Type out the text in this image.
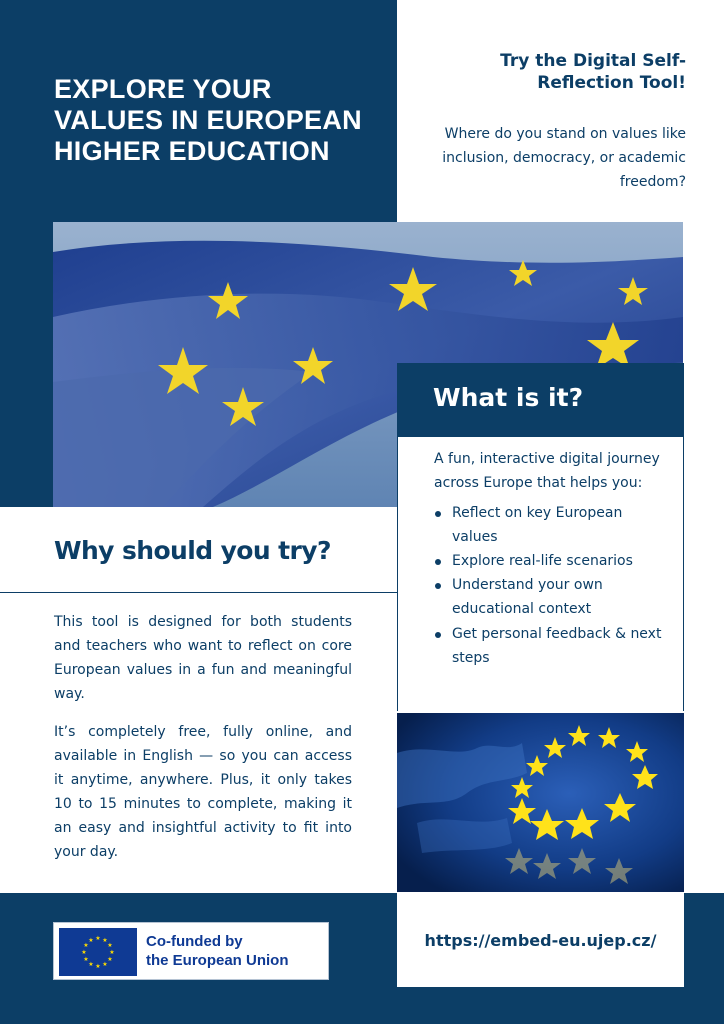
EXPLORE YOUR VALUES IN EUROPEAN HIGHER EDUCATION
Try the Digital Self-Reflection Tool!
Where do you stand on values like inclusion, democracy, or academic freedom?
What is it?

A fun, interactive digital journey across Europe that helps you:

Reflect on key European values
Explore real-life scenarios
Understand your own educational context
Get personal feedback & next steps
Why should you try?

This tool is designed for both students and teachers who want to reflect on core European values in a fun and meaningful way.

It’s completely free, fully online, and available in English — so you can access it anytime, anywhere. Plus, it only takes 10 to 15 minutes to complete, making it an easy and insightful activity to fit into your day.

★ ★
★
★
★
★
★
★
★
★
★
★	Co-funded by
the European Union
https://embed-eu.ujep.cz/
